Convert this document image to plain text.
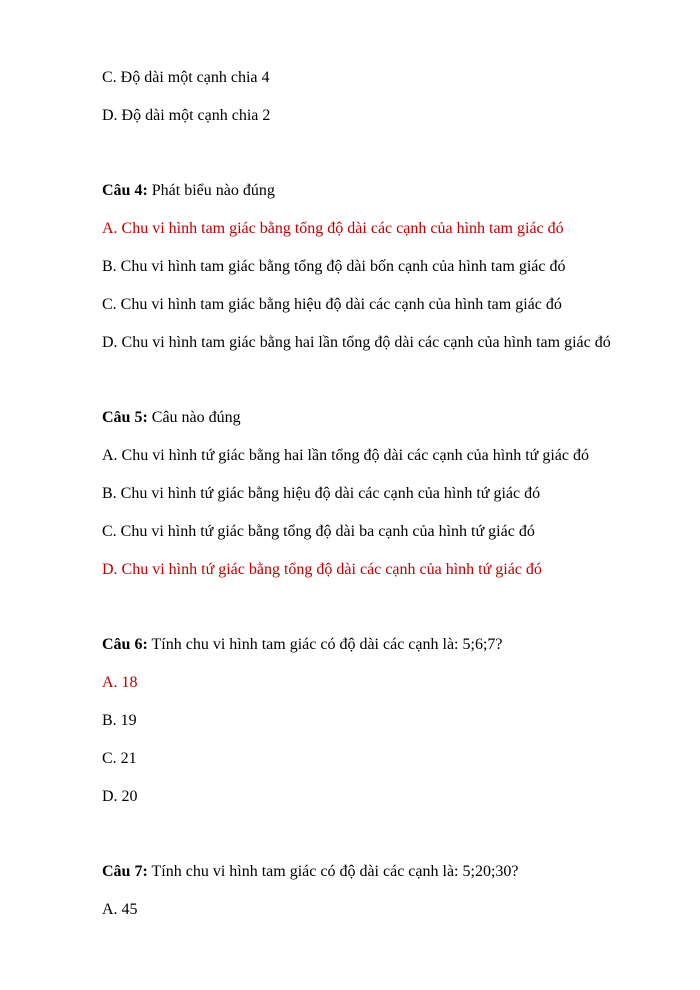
C. Độ dài một cạnh chia 4
D. Độ dài một cạnh chia 2
Câu 4: Phát biểu nào đúng
A. Chu vi hình tam giác bằng tổng độ dài các cạnh của hình tam giác đó
B. Chu vi hình tam giác bằng tổng độ dài bốn cạnh của hình tam giác đó
C. Chu vi hình tam giác bằng hiệu độ dài các cạnh của hình tam giác đó
D. Chu vi hình tam giác bằng hai lần tổng độ dài các cạnh của hình tam giác đó
Câu 5: Câu nào đúng
A. Chu vi hình tứ giác bằng hai lần tổng độ dài các cạnh của hình tứ giác đó
B. Chu vi hình tứ giác bằng hiệu độ dài các cạnh của hình tứ giác đó
C. Chu vi hình tứ giác bằng tổng độ dài ba cạnh của hình tứ giác đó
D. Chu vi hình tứ giác bằng tổng độ dài các cạnh của hình tứ giác đó
Câu 6: Tính chu vi hình tam giác có độ dài các cạnh là: 5;6;7?
A. 18
B. 19
C. 21
D. 20
Câu 7: Tính chu vi hình tam giác có độ dài các cạnh là: 5;20;30?
A. 45
